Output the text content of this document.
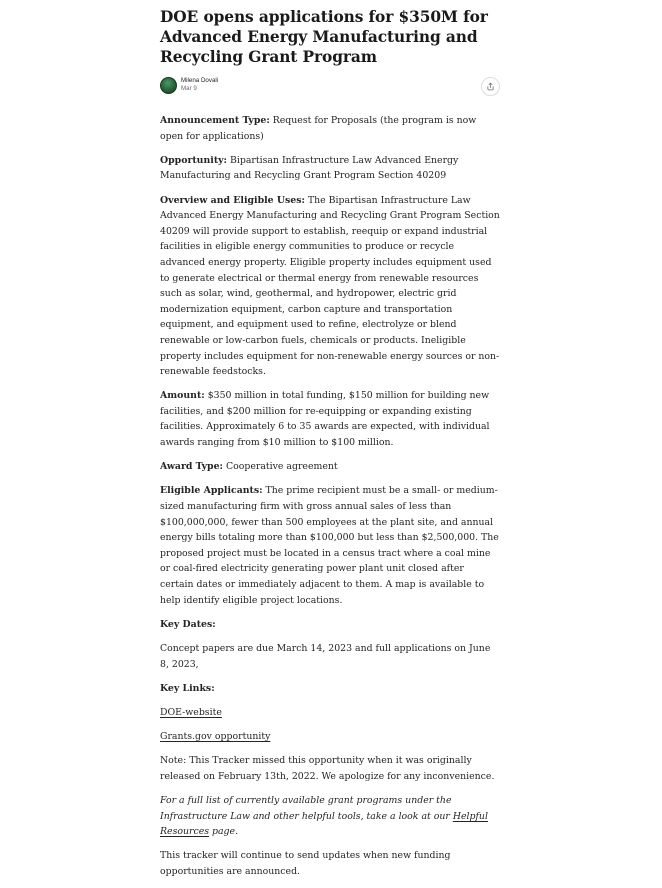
DOE opens applications for $350M for Advanced Energy Manufacturing and Recycling Grant Program
Milena Dovali
Mar 9

Announcement Type: Request for Proposals (the program is now open for applications)

Opportunity: Bipartisan Infrastructure Law Advanced Energy Manufacturing and Recycling Grant Program Section 40209

Overview and Eligible Uses: The Bipartisan Infrastructure Law Advanced Energy Manufacturing and Recycling Grant Program Section 40209 will provide support to establish, reequip or expand industrial facilities in eligible energy communities to produce or recycle advanced energy property. Eligible property includes equipment used to generate electrical or thermal energy from renewable resources such as solar, wind, geothermal, and hydropower, electric grid modernization equipment, carbon capture and transportation equipment, and equipment used to refine, electrolyze or blend renewable or low-carbon fuels, chemicals or products. Ineligible property includes equipment for non-renewable energy sources or non-renewable feedstocks.

Amount: $350 million in total funding, $150 million for building new facilities, and $200 million for re-equipping or expanding existing facilities. Approximately 6 to 35 awards are expected, with individual awards ranging from $10 million to $100 million.

Award Type: Cooperative agreement

Eligible Applicants: The prime recipient must be a small- or medium-sized manufacturing firm with gross annual sales of less than $100,000,000, fewer than 500 employees at the plant site, and annual energy bills totaling more than $100,000 but less than $2,500,000. The proposed project must be located in a census tract where a coal mine or coal-fired electricity generating power plant unit closed after certain dates or immediately adjacent to them. A map is available to help identify eligible project locations.

Key Dates:

Concept papers are due March 14, 2023 and full applications on June 8, 2023,

Key Links:

DOE-website

Grants.gov opportunity

Note: This Tracker missed this opportunity when it was originally released on February 13th, 2022. We apologize for any inconvenience.

For a full list of currently available grant programs under the Infrastructure Law and other helpful tools, take a look at our Helpful Resources page.

This tracker will continue to send updates when new funding opportunities are announced.
